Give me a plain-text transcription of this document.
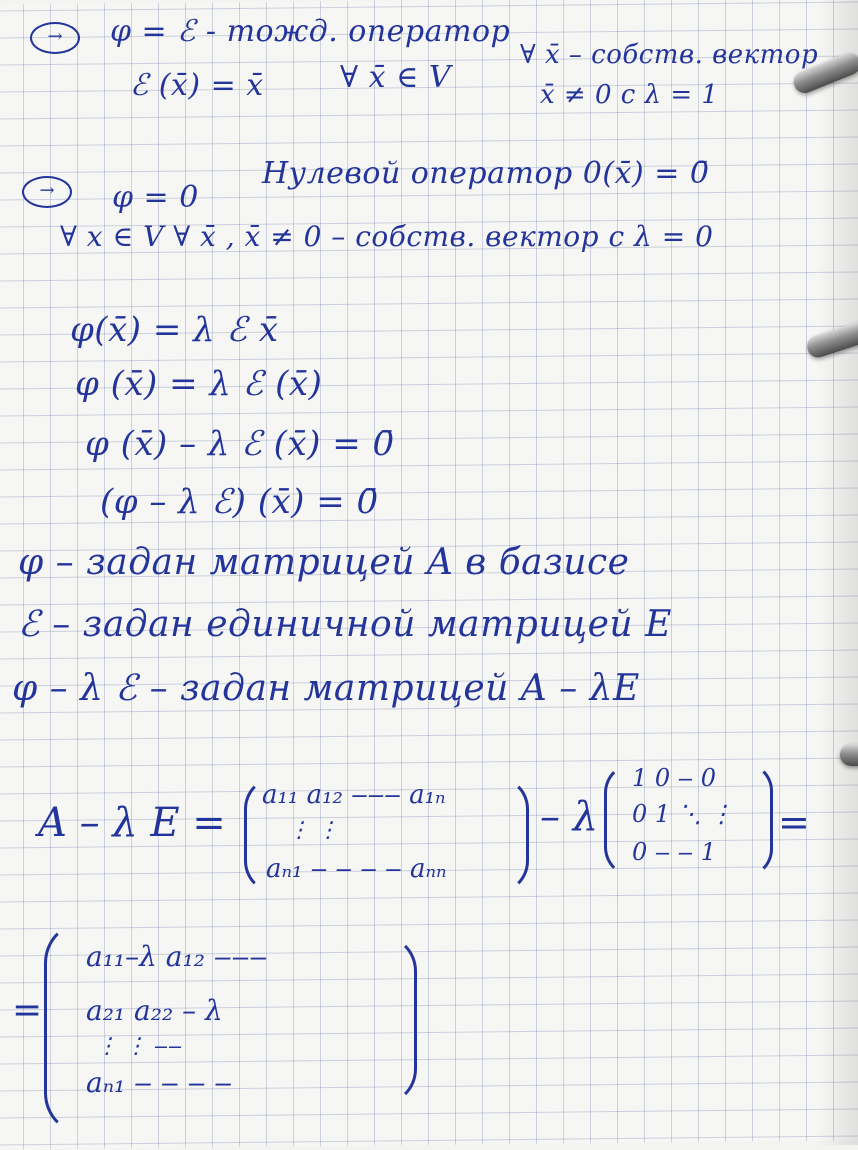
→	φ = ℰ - тожд. оператор
ℰ (x̄) = x̄	∀ x̄ ∈ V
∀ x̄ – собств. вектор
x̄ ≠ 0 с λ = 1
→	φ = 0
Нулевой оператор 0(x̄) = 0̄
∀ x ∈ V ∀ x̄ , x̄ ≠ 0 – собств. вектор с λ = 0
φ(x̄) = λ ℰ x̄
φ (x̄) = λ ℰ (x̄)
φ (x̄) – λ ℰ (x̄) = 0̄
(φ – λ ℰ) (x̄) = 0̄
φ – задан матрицей A в базисе
ℰ – задан единичной матрицей E
φ – λ ℰ – задан матрицей A – λE
A – λ E =
a₁₁ a₁₂ ‒‒‒ a₁ₙ
⋮ ⋮
aₙ₁ ‒ ‒ ‒ ‒ aₙₙ
– λ
1 0 ‒ 0
0 1 ⋱ ⋮
0 ‒ ‒ 1
=
=
a₁₁–λ a₁₂ ‒‒‒
a₂₁ a₂₂ – λ
⋮ ⋮ ‒‒
aₙ₁ ‒ ‒ ‒ ‒
